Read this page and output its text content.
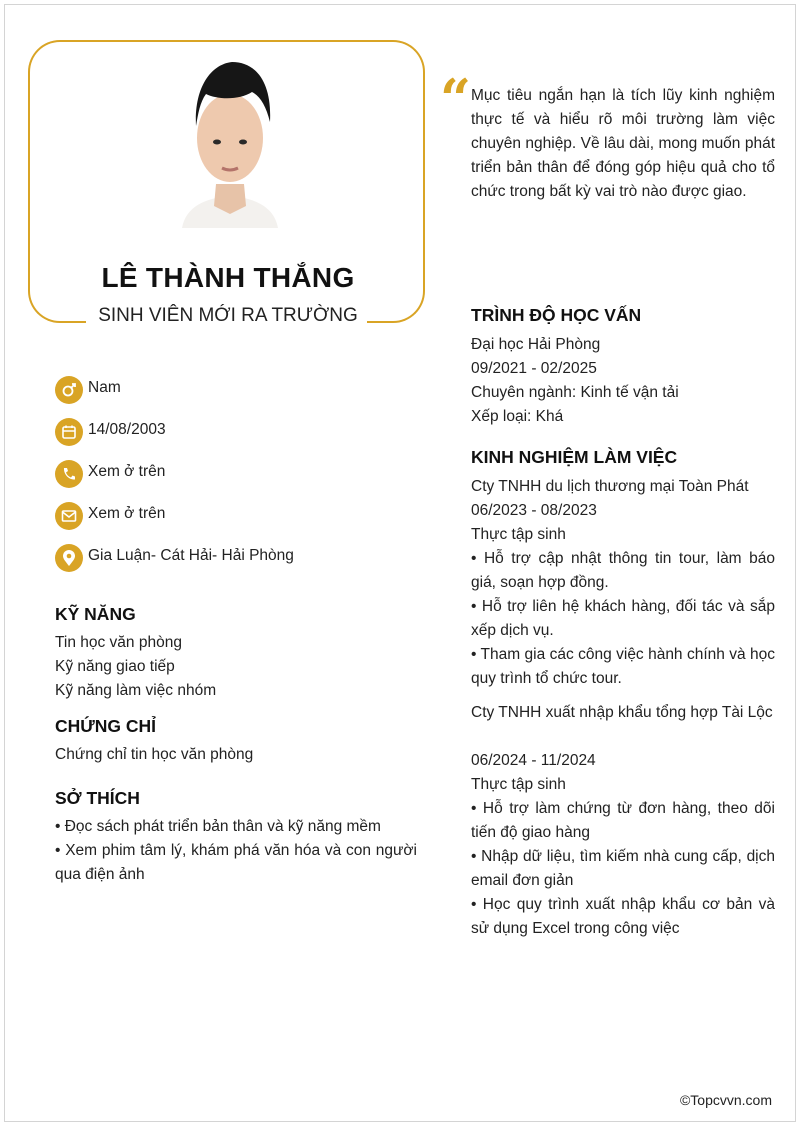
LÊ THÀNH THẮNG
SINH VIÊN MỚI RA TRƯỜNG
“ Mục tiêu ngắn hạn là tích lũy kinh nghiệm thực tế và hiểu rõ môi trường làm việc chuyên nghiệp. Về lâu dài, mong muốn phát triển bản thân để đóng góp hiệu quả cho tổ chức trong bất kỳ vai trò nào được giao.
Nam
14/08/2003
Xem ở trên
Xem ở trên
Gia Luận- Cát Hải- Hải Phòng
KỸ NĂNG
Tin học văn phòng
Kỹ năng giao tiếp
Kỹ năng làm việc nhóm
CHỨNG CHỈ
Chứng chỉ tin học văn phòng
SỞ THÍCH
• Đọc sách phát triển bản thân và kỹ năng mềm
• Xem phim tâm lý, khám phá văn hóa và con người qua điện ảnh
TRÌNH ĐỘ HỌC VẤN
Đại học Hải Phòng
09/2021 - 02/2025
Chuyên ngành: Kinh tế vận tải
Xếp loại: Khá
KINH NGHIỆM LÀM VIỆC
Cty TNHH du lịch thương mại Toàn Phát
06/2023 - 08/2023
Thực tập sinh
• Hỗ trợ cập nhật thông tin tour, làm báo giá, soạn hợp đồng.
• Hỗ trợ liên hệ khách hàng, đối tác và sắp xếp dịch vụ.
• Tham gia các công việc hành chính và học quy trình tổ chức tour.
Cty TNHH xuất nhập khẩu tổng hợp Tài Lộc
06/2024 - 11/2024
Thực tập sinh
• Hỗ trợ làm chứng từ đơn hàng, theo dõi tiến độ giao hàng
• Nhập dữ liệu, tìm kiếm nhà cung cấp, dịch email đơn giản
• Học quy trình xuất nhập khẩu cơ bản và sử dụng Excel trong công việc
©Topcvvn.com
